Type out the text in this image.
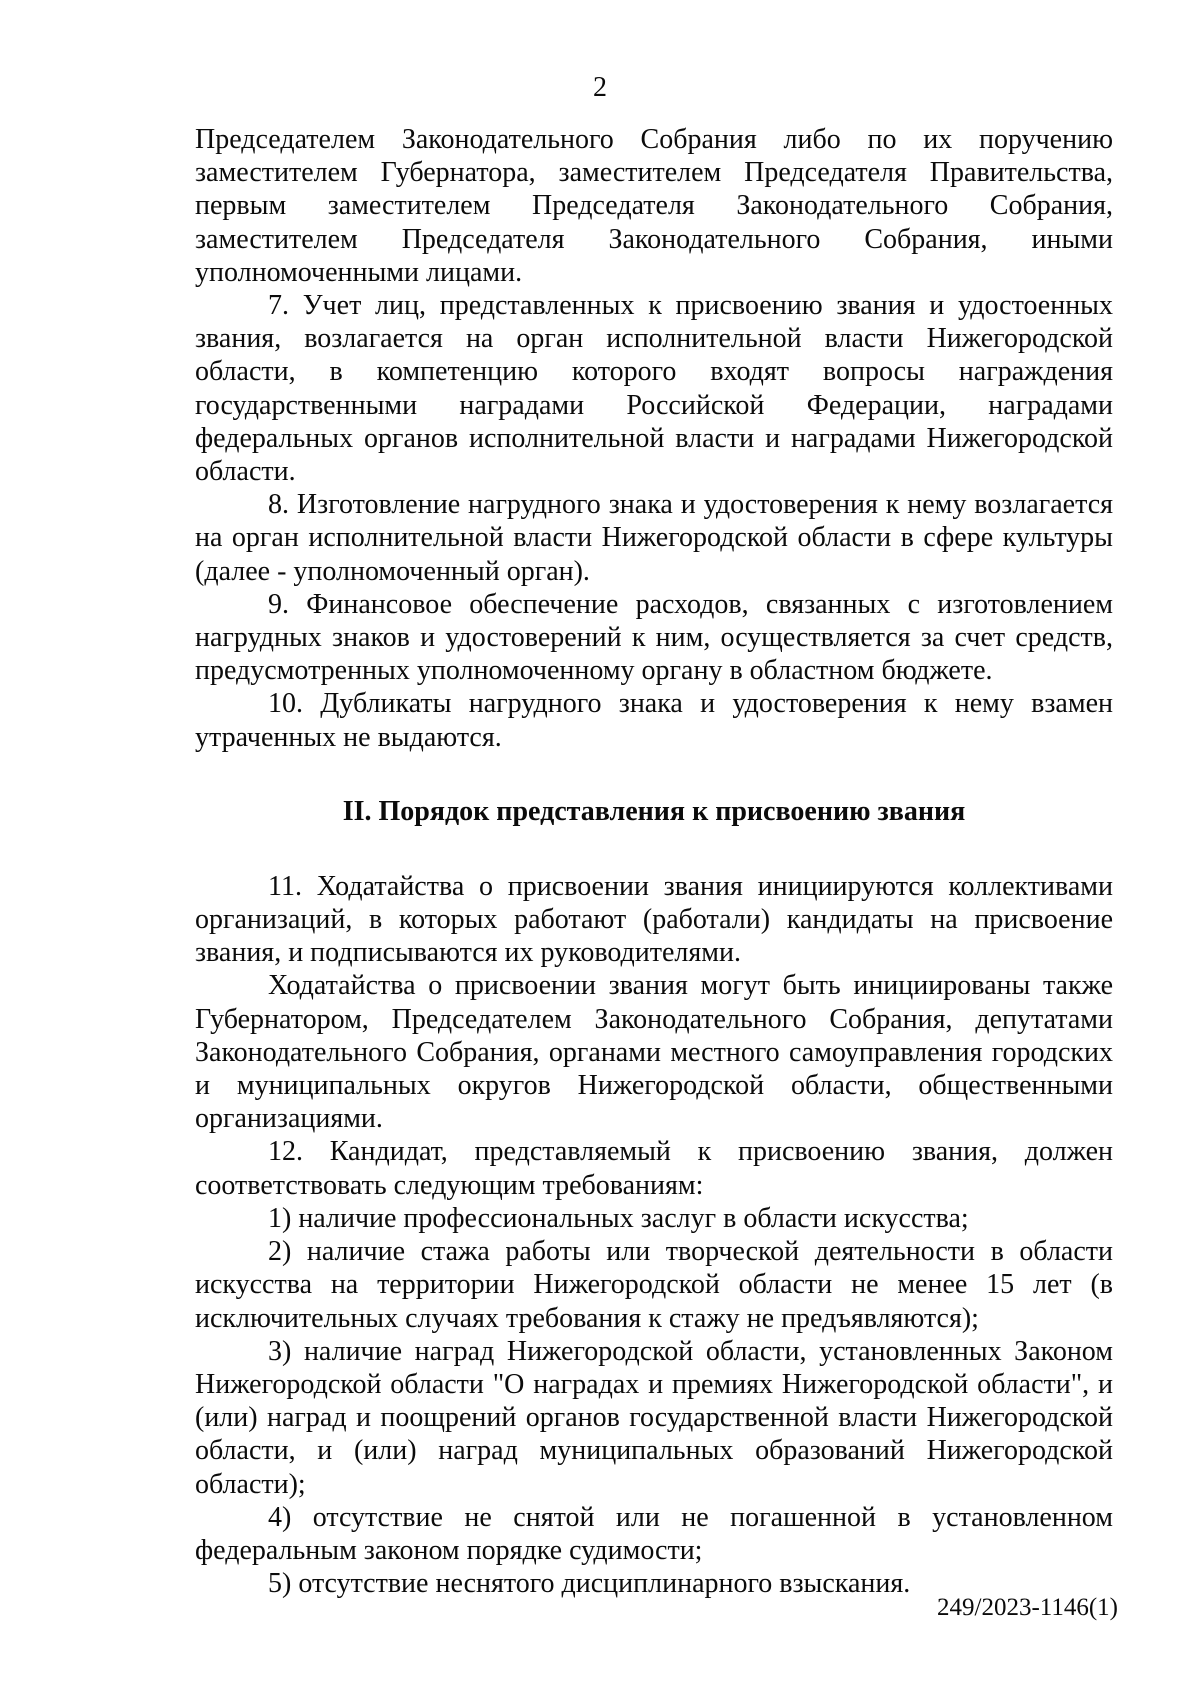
2

Председателем Законодательного Собрания либо по их поручению заместителем Губернатора, заместителем Председателя Правительства, первым заместителем Председателя Законодательного Собрания, заместителем Председателя Законодательного Собрания, иными уполномоченными лицами.

7. Учет лиц, представленных к присвоению звания и удостоенных звания, возлагается на орган исполнительной власти Нижегородской области, в компетенцию которого входят вопросы награждения государственными наградами Российской Федерации, наградами федеральных органов исполнительной власти и наградами Нижегородской области.

8. Изготовление нагрудного знака и удостоверения к нему возлагается на орган исполнительной власти Нижегородской области в сфере культуры (далее - уполномоченный орган).

9. Финансовое обеспечение расходов, связанных с изготовлением нагрудных знаков и удостоверений к ним, осуществляется за счет средств, предусмотренных уполномоченному органу в областном бюджете.

10. Дубликаты нагрудного знака и удостоверения к нему взамен утраченных не выдаются.

II. Порядок представления к присвоению звания

11. Ходатайства о присвоении звания инициируются коллективами организаций, в которых работают (работали) кандидаты на присвоение звания, и подписываются их руководителями.

Ходатайства о присвоении звания могут быть инициированы также Губернатором, Председателем Законодательного Собрания, депутатами Законодательного Собрания, органами местного самоуправления городских и муниципальных округов Нижегородской области, общественными организациями.

12. Кандидат, представляемый к присвоению звания, должен соответствовать следующим требованиям:

1) наличие профессиональных заслуг в области искусства;

2) наличие стажа работы или творческой деятельности в области искусства на территории Нижегородской области не менее 15 лет (в исключительных случаях требования к стажу не предъявляются);

3) наличие наград Нижегородской области, установленных Законом Нижегородской области "О наградах и премиях Нижегородской области", и (или) наград и поощрений органов государственной власти Нижегородской области, и (или) наград муниципальных образований Нижегородской области);

4) отсутствие не снятой или не погашенной в установленном федеральным законом порядке судимости;

5) отсутствие неснятого дисциплинарного взыскания.

249/2023-1146(1)
